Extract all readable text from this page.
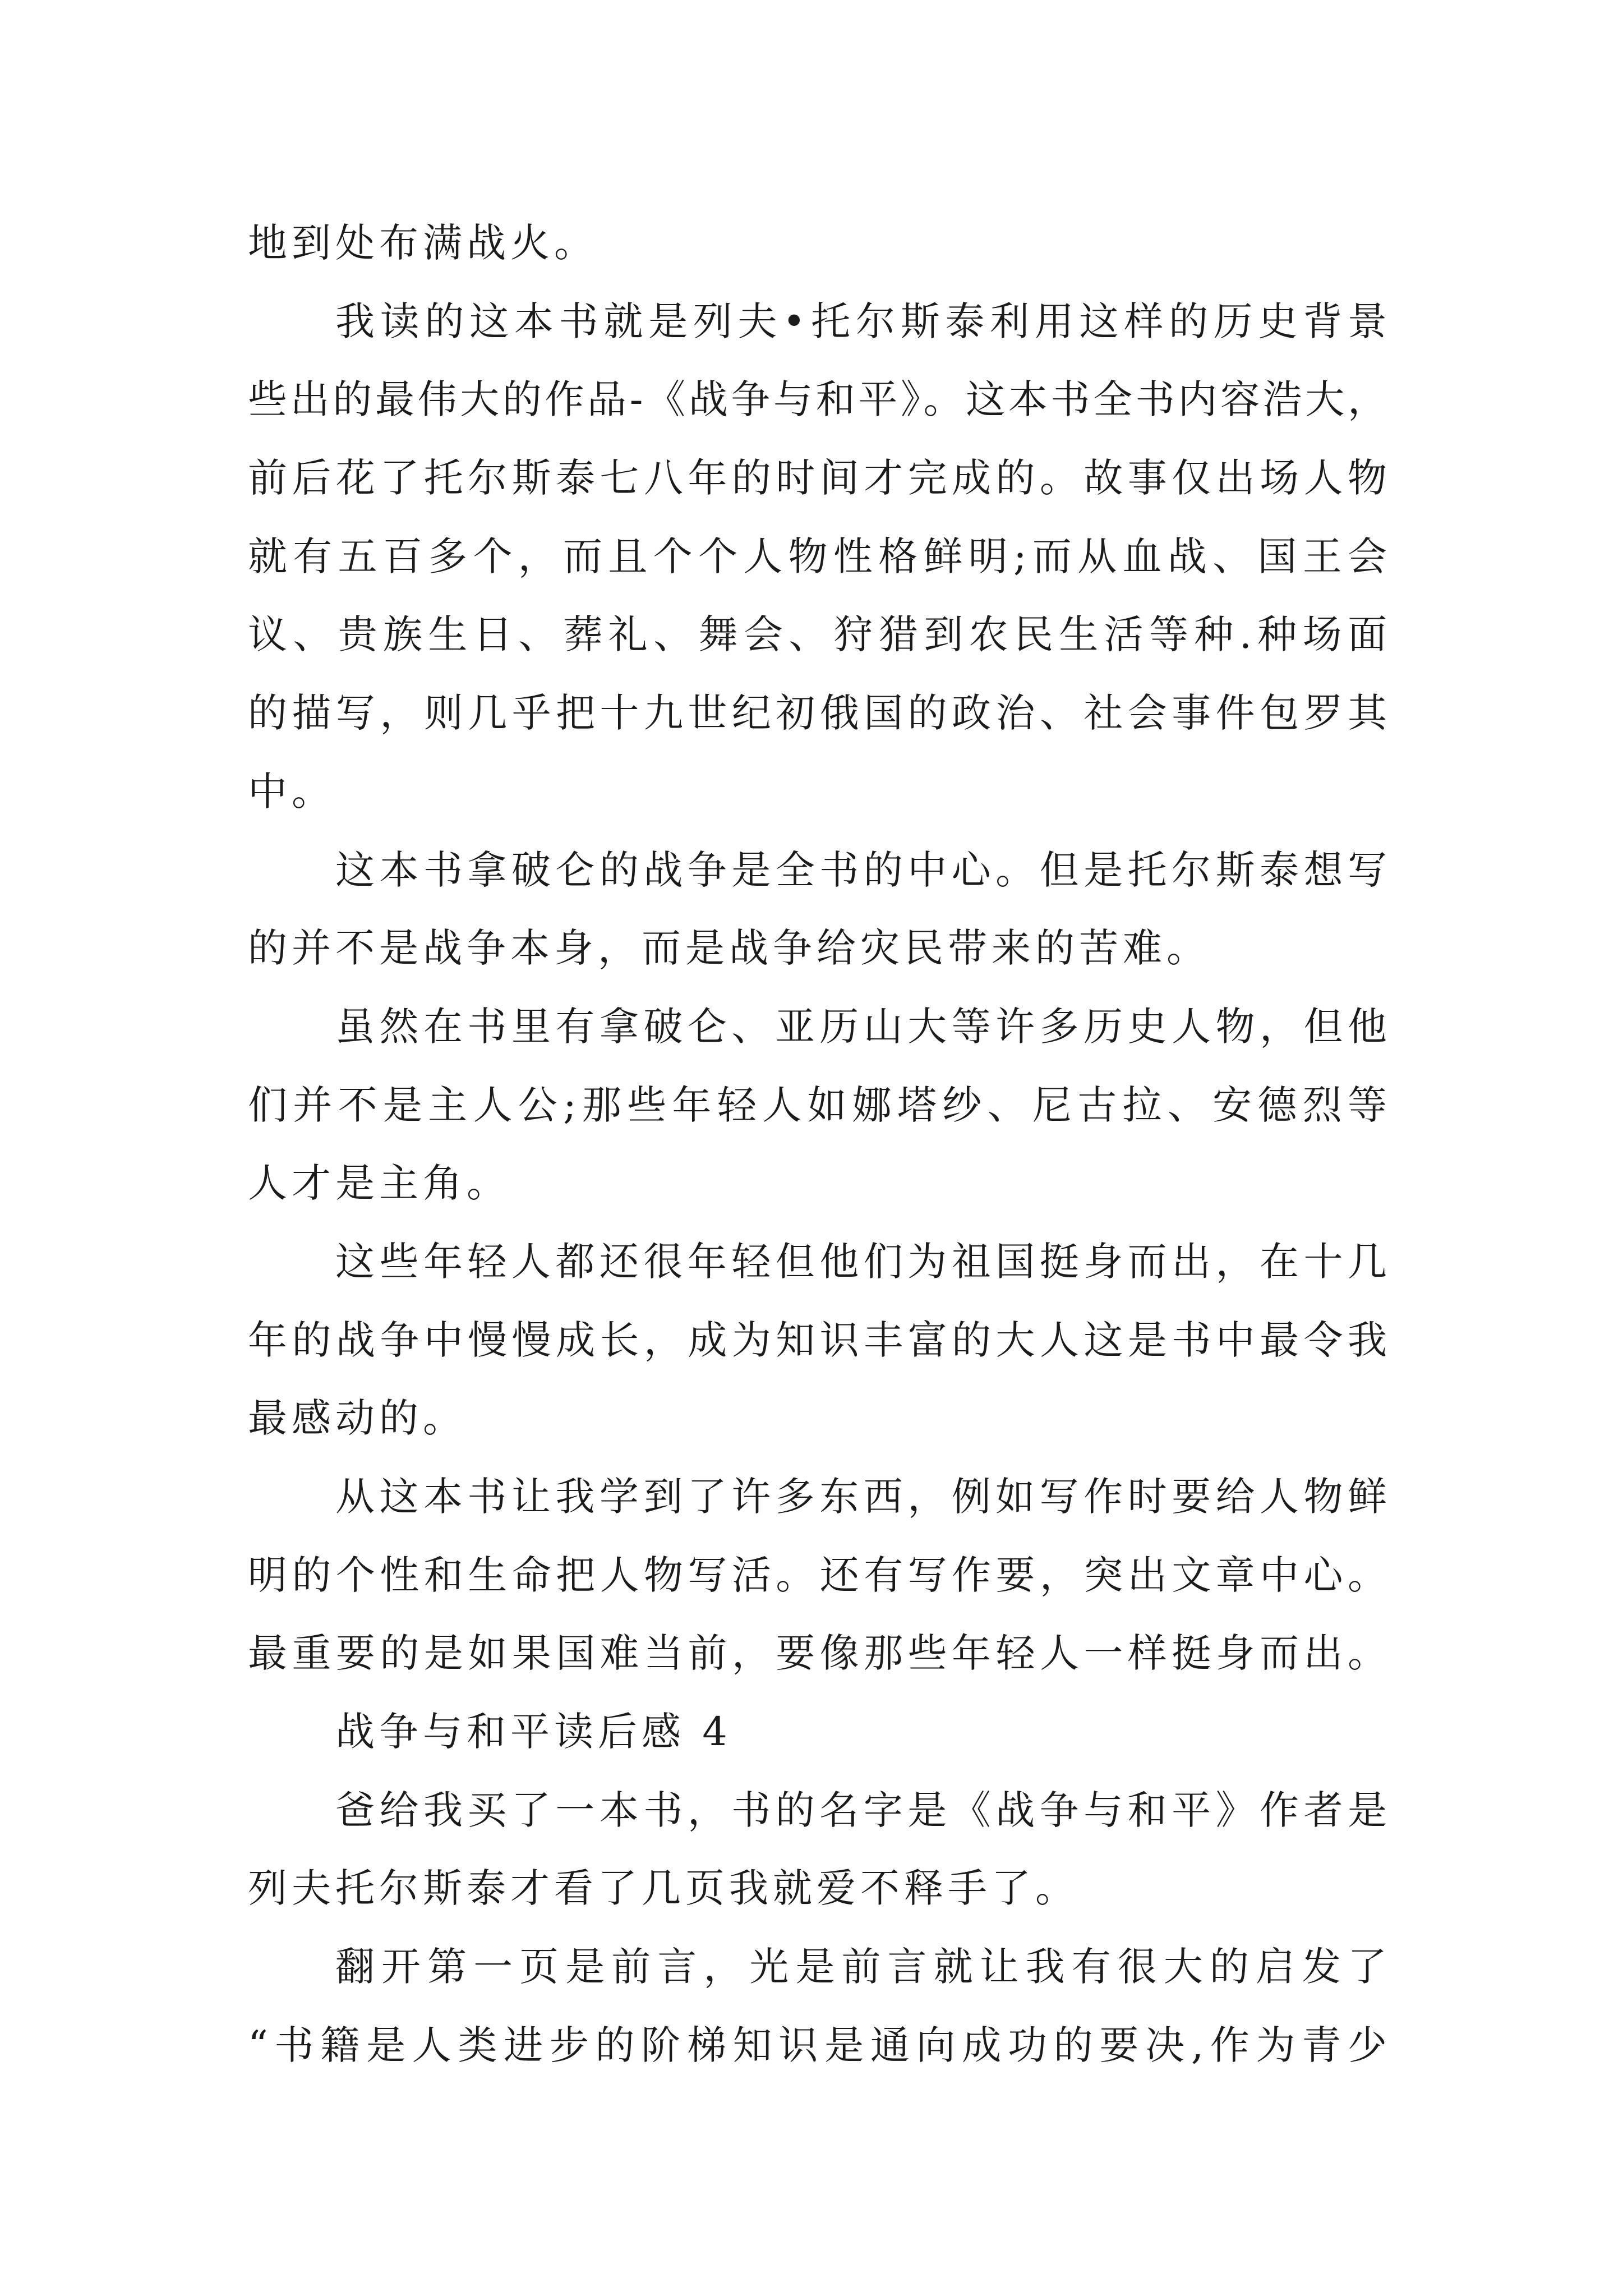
地到处布满战火。
我读的这本书就是列夫•托尔斯泰利用这样的历史背景
些出的最伟大的作品-《战争与和平》。这本书全书内容浩大，
前后花了托尔斯泰七八年的时间才完成的。故事仅出场人物
就有五百多个，而且个个人物性格鲜明;而从血战、国王会
议、贵族生日、葬礼、舞会、狩猎到农民生活等种.种场面
的描写，则几乎把十九世纪初俄国的政治、社会事件包罗其
中。
这本书拿破仑的战争是全书的中心。但是托尔斯泰想写
的并不是战争本身，而是战争给灾民带来的苦难。
虽然在书里有拿破仑、亚历山大等许多历史人物，但他
们并不是主人公;那些年轻人如娜塔纱、尼古拉、安德烈等
人才是主角。
这些年轻人都还很年轻但他们为祖国挺身而出，在十几
年的战争中慢慢成长，成为知识丰富的大人这是书中最令我
最感动的。
从这本书让我学到了许多东西，例如写作时要给人物鲜
明的个性和生命把人物写活。还有写作要，突出文章中心。
最重要的是如果国难当前，要像那些年轻人一样挺身而出。
战争与和平读后感 4
爸给我买了一本书，书的名字是《战争与和平》作者是
列夫托尔斯泰才看了几页我就爱不释手了。
翻开第一页是前言，光是前言就让我有很大的启发了
“书籍是人类进步的阶梯知识是通向成功的要决,作为青少
